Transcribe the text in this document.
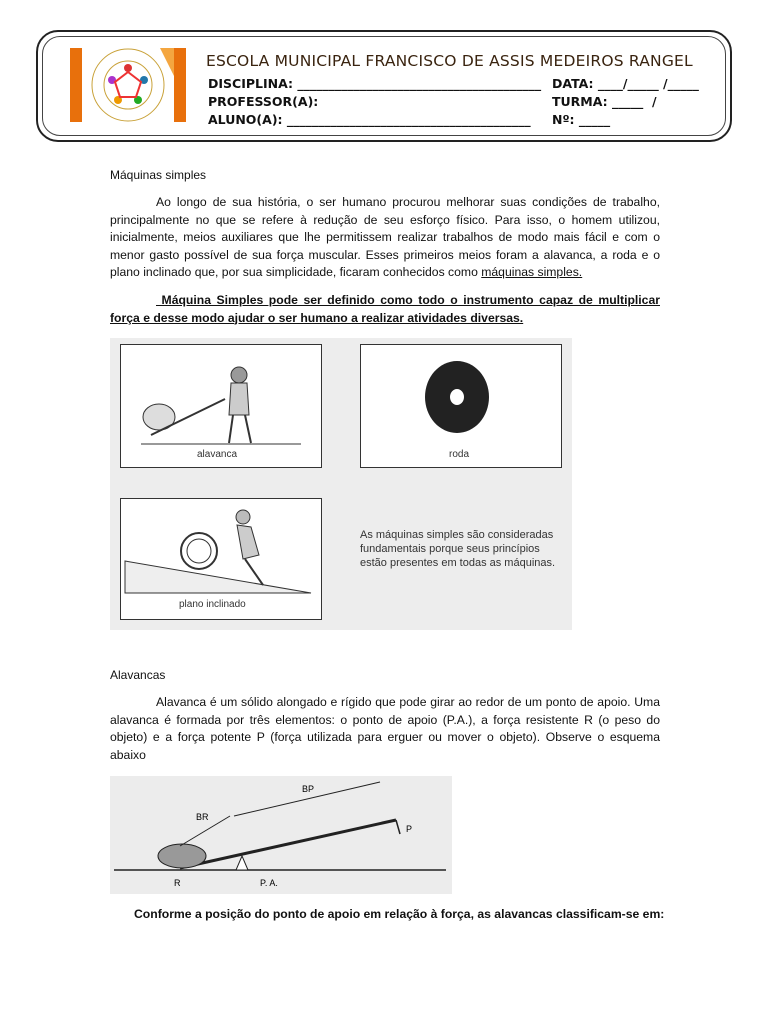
ESCOLA MUNICIPAL FRANCISCO DE ASSIS MEDEIROS RANGEL
DISCIPLINA: _______________________________________ DATA: ____/_____ /_____
PROFESSOR(A):	TURMA: _____  /
ALUNO(A): _______________________________________ Nº: _____
Máquinas simples
Ao longo de sua história, o ser humano procurou melhorar suas condições de trabalho, principalmente no que se refere à redução de seu esforço físico. Para isso, o homem utilizou, inicialmente, meios auxiliares que lhe permitissem realizar trabalhos de modo mais fácil e com o menor gasto possível de sua força muscular. Esses primeiros meios foram a alavanca, a roda e o plano inclinado que, por sua simplicidade, ficaram conhecidos como máquinas simples.
Máquina Simples pode ser definido como todo o instrumento capaz de multiplicar força e desse modo ajudar o ser humano a realizar atividades diversas.
alavanca	roda
plano inclinado
As máquinas simples são consideradas fundamentais porque seus princípios estão presentes em todas as máquinas.
Alavancas
Alavanca é um sólido alongado e rígido que pode girar ao redor de um ponto de apoio. Uma alavanca é formada por três elementos: o ponto de apoio (P.A.), a força resistente R (o peso do objeto) e a força potente P (força utilizada para erguer ou mover o objeto). Observe o esquema abaixo
BR
BP
P
R	P. A.
Conforme a posição do ponto de apoio em relação à força, as alavancas classificam-se em:
